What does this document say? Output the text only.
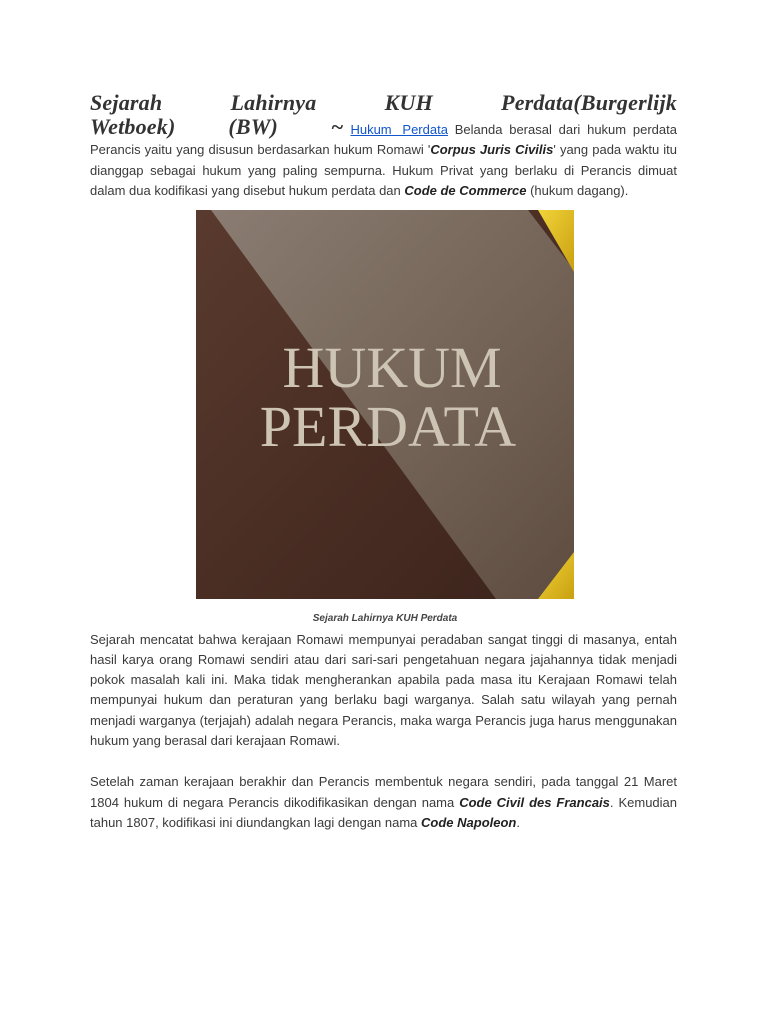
Sejarah Lahirnya KUH Perdata(Burgerlijk Wetboek) (BW) ~ Hukum Perdata Belanda berasal dari hukum perdata Perancis yaitu yang disusun berdasarkan hukum Romawi 'Corpus Juris Civilis' yang pada waktu itu dianggap sebagai hukum yang paling sempurna. Hukum Privat yang berlaku di Perancis dimuat dalam dua kodifikasi yang disebut hukum perdata dan Code de Commerce (hukum dagang).

HUKUM
PERDATA

Sejarah Lahirnya KUH Perdata

Sejarah mencatat bahwa kerajaan Romawi mempunyai peradaban sangat tinggi di masanya, entah hasil karya orang Romawi sendiri atau dari sari-sari pengetahuan negara jajahannya tidak menjadi pokok masalah kali ini. Maka tidak mengherankan apabila pada masa itu Kerajaan Romawi telah mempunyai hukum dan peraturan yang berlaku bagi warganya. Salah satu wilayah yang pernah menjadi warganya (terjajah) adalah negara Perancis, maka warga Perancis juga harus menggunakan hukum yang berasal dari kerajaan Romawi.

Setelah zaman kerajaan berakhir dan Perancis membentuk negara sendiri, pada tanggal 21 Maret 1804 hukum di negara Perancis dikodifikasikan dengan nama Code Civil des Francais. Kemudian tahun 1807, kodifikasi ini diundangkan lagi dengan nama Code Napoleon.
